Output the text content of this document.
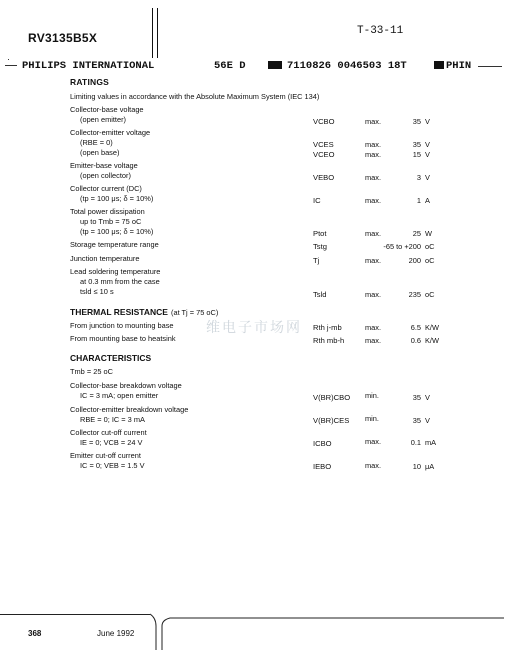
RV3135B5X	T-33-11
·
PHILIPS INTERNATIONAL	56E D	7110826 0046503 18T	PHIN
RATINGS
Limiting values in accordance with the Absolute Maximum System (IEC 134)
Collector-base voltage
(open emitter)	VCBO	max.	35 V
Collector-emitter voltage
(RBE = 0)
(open base)
VCES	max.	35 V
VCEO	max.	15 V
Emitter-base voltage
(open collector)	VEBO	max.	3 V
Collector current (DC)
(tp = 100 μs; δ = 10%)	IC	max.	1 A
Total power dissipation
up to Tmb = 75 oC
(tp = 100 μs; δ = 10%)	Ptot	max.	25 W
Storage temperature range	Tstg	-65 to +200 oC
Junction temperature	Tj	max.	200 oC
Lead soldering temperature
at 0.3 mm from the case
tsld ≤ 10 s	Tsld	max.	235 oC
THERMAL RESISTANCE (at Tj = 75 oC)
From junction to mounting base	Rth j-mb	max.	6.5 K/W
From mounting base to heatsink	Rth mb-h	max.	0.6 K/W
维电子市场网
CHARACTERISTICS
Tmb = 25 oC
Collector-base breakdown voltage
IC = 3 mA; open emitter	V(BR)CBO min.	35 V
Collector-emitter breakdown voltage
RBE = 0; IC = 3 mA	V(BR)CES min.	35 V
Collector cut-off current
IE = 0; VCB = 24 V	ICBO	max.	0.1 mA
Emitter cut-off current
IC = 0; VEB = 1.5 V	IEBO	max.	10 μA
368	June 1992
